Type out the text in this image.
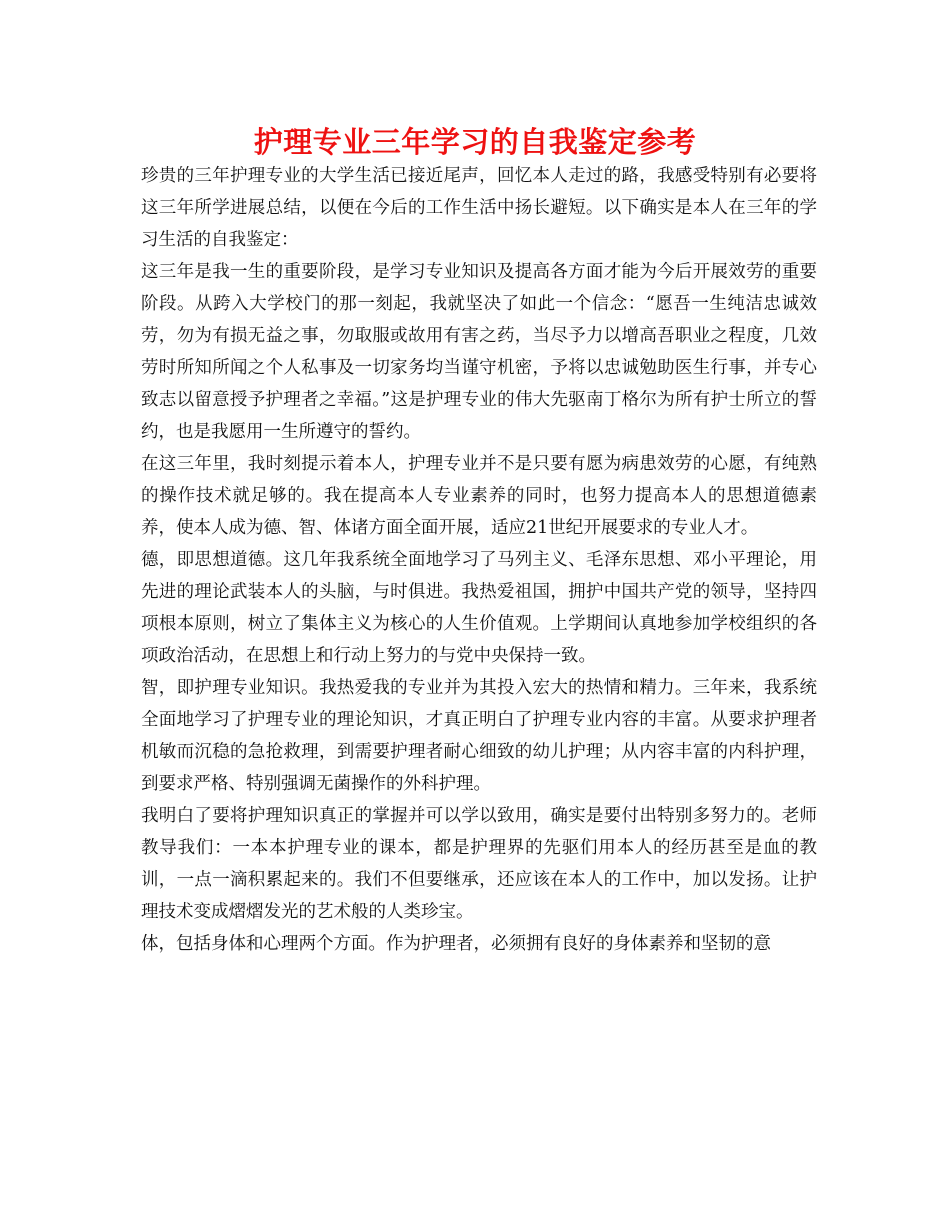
护理专业三年学习的自我鉴定参考

珍贵的三年护理专业的大学生活已接近尾声，回忆本人走过的路，我感受特别有必要将这三年所学进展总结，以便在今后的工作生活中扬长避短。以下确实是本人在三年的学习生活的自我鉴定：

这三年是我一生的重要阶段，是学习专业知识及提高各方面才能为今后开展效劳的重要阶段。从跨入大学校门的那一刻起，我就坚决了如此一个信念：“愿吾一生纯洁忠诚效劳，勿为有损无益之事，勿取服或故用有害之药，当尽予力以增高吾职业之程度，几效劳时所知所闻之个人私事及一切家务均当谨守机密，予将以忠诚勉助医生行事，并专心致志以留意授予护理者之幸福。”这是护理专业的伟大先驱南丁格尔为所有护士所立的誓约，也是我愿用一生所遵守的誓约。

在这三年里，我时刻提示着本人，护理专业并不是只要有愿为病患效劳的心愿，有纯熟的操作技术就足够的。我在提高本人专业素养的同时，也努力提高本人的思想道德素养，使本人成为德、智、体诸方面全面开展，适应21世纪开展要求的专业人才。

德，即思想道德。这几年我系统全面地学习了马列主义、毛泽东思想、邓小平理论，用先进的理论武装本人的头脑，与时俱进。我热爱祖国，拥护中国共产党的领导，坚持四项根本原则，树立了集体主义为核心的人生价值观。上学期间认真地参加学校组织的各项政治活动，在思想上和行动上努力的与党中央保持一致。

智，即护理专业知识。我热爱我的专业并为其投入宏大的热情和精力。三年来，我系统全面地学习了护理专业的理论知识，才真正明白了护理专业内容的丰富。从要求护理者机敏而沉稳的急抢救理，到需要护理者耐心细致的幼儿护理；从内容丰富的内科护理，到要求严格、特别强调无菌操作的外科护理。

我明白了要将护理知识真正的掌握并可以学以致用，确实是要付出特别多努力的。老师教导我们：一本本护理专业的课本，都是护理界的先驱们用本人的经历甚至是血的教训，一点一滴积累起来的。我们不但要继承，还应该在本人的工作中，加以发扬。让护理技术变成熠熠发光的艺术般的人类珍宝。

体，包括身体和心理两个方面。作为护理者，必须拥有良好的身体素养和坚韧的意
